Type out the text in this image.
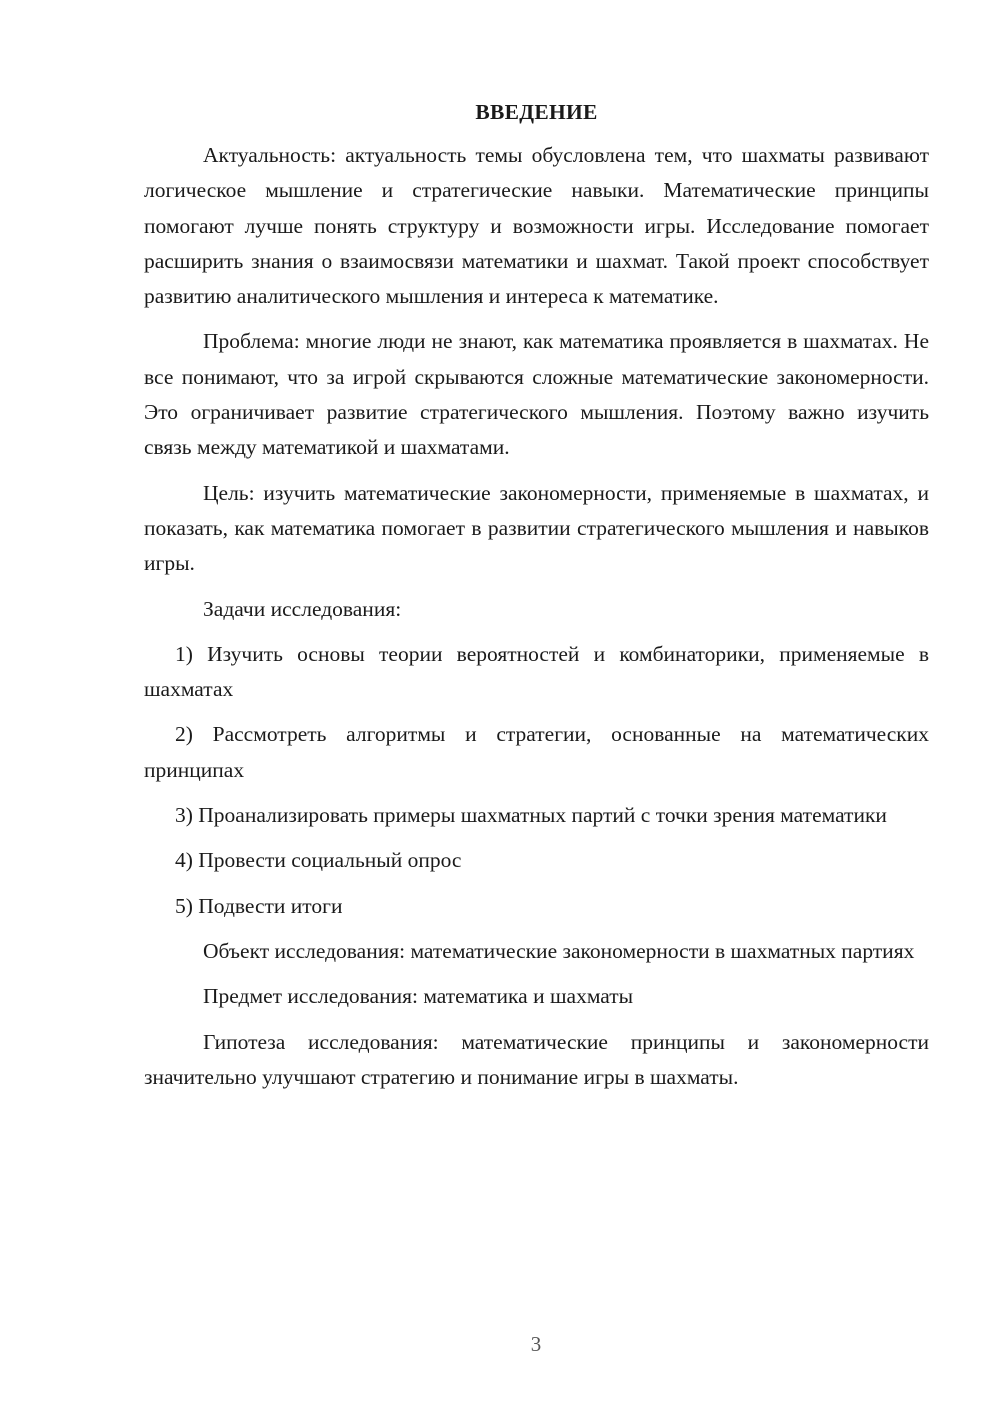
ВВЕДЕНИЕ

Актуальность: актуальность темы обусловлена тем, что шахматы развивают логическое мышление и стратегические навыки. Математические принципы помогают лучше понять структуру и возможности игры. Исследование помогает расширить знания о взаимосвязи математики и шахмат. Такой проект способствует развитию аналитического мышления и интереса к математике.

Проблема: многие люди не знают, как математика проявляется в шахматах. Не все понимают, что за игрой скрываются сложные математические закономерности. Это ограничивает развитие стратегического мышления. Поэтому важно изучить связь между математикой и шахматами.

Цель: изучить математические закономерности, применяемые в шахматах, и показать, как математика помогает в развитии стратегического мышления и навыков игры.

Задачи исследования:

1) Изучить основы теории вероятностей и комбинаторики, применяемые в шахматах

2) Рассмотреть алгоритмы и стратегии, основанные на математических принципах

3) Проанализировать примеры шахматных партий с точки зрения математики

4) Провести социальный опрос

5) Подвести итоги

Объект исследования: математические закономерности в шахматных партиях

Предмет исследования: математика и шахматы

Гипотеза исследования: математические принципы и закономерности значительно улучшают стратегию и понимание игры в шахматы.

3
